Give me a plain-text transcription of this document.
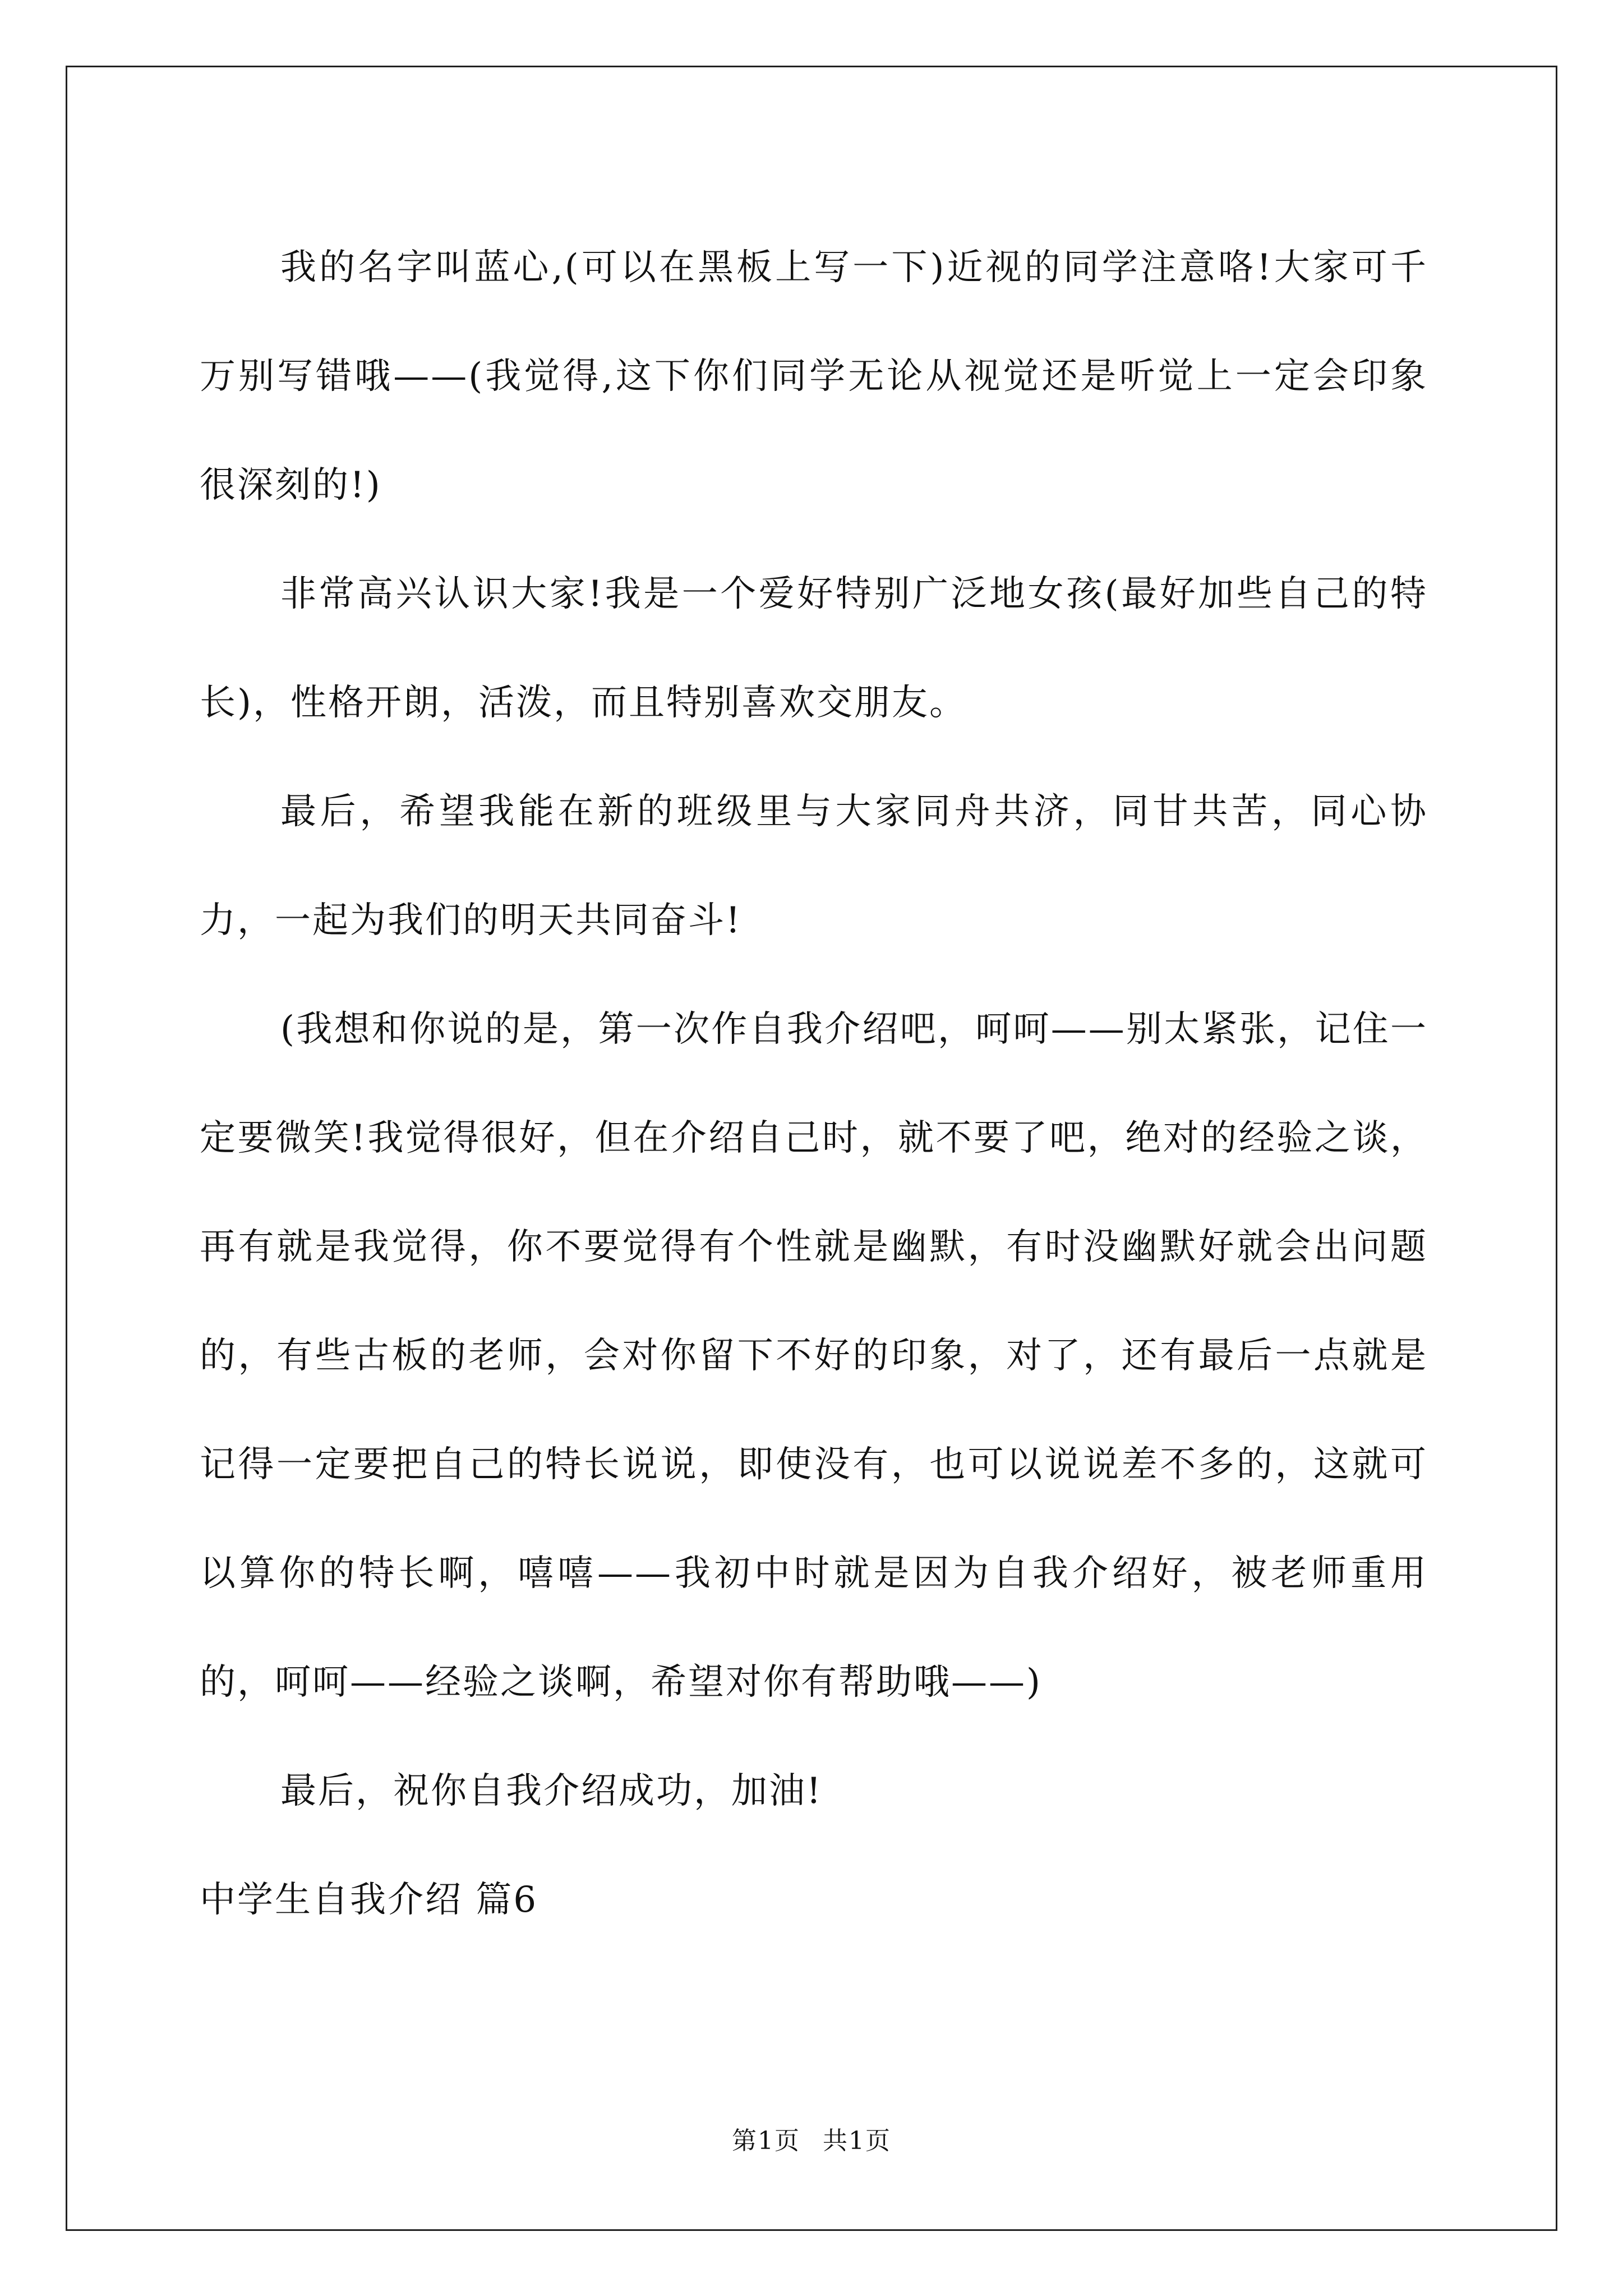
我的名字叫蓝心,(可以在黑板上写一下)近视的同学注意咯!大家可千万别写错哦——(我觉得,这下你们同学无论从视觉还是听觉上一定会印象很深刻的!)

非常高兴认识大家!我是一个爱好特别广泛地女孩(最好加些自己的特长)，性格开朗，活泼，而且特别喜欢交朋友。

最后，希望我能在新的班级里与大家同舟共济，同甘共苦，同心协力，一起为我们的明天共同奋斗!

(我想和你说的是，第一次作自我介绍吧，呵呵——别太紧张，记住一定要微笑!我觉得很好，但在介绍自己时，就不要了吧，绝对的经验之谈，再有就是我觉得，你不要觉得有个性就是幽默，有时没幽默好就会出问题的，有些古板的老师，会对你留下不好的印象，对了，还有最后一点就是记得一定要把自己的特长说说，即使没有，也可以说说差不多的，这就可以算你的特长啊，嘻嘻——我初中时就是因为自我介绍好，被老师重用的，呵呵——经验之谈啊，希望对你有帮助哦——)

最后，祝你自我介绍成功，加油!

中学生自我介绍 篇6

第1页 共1页
